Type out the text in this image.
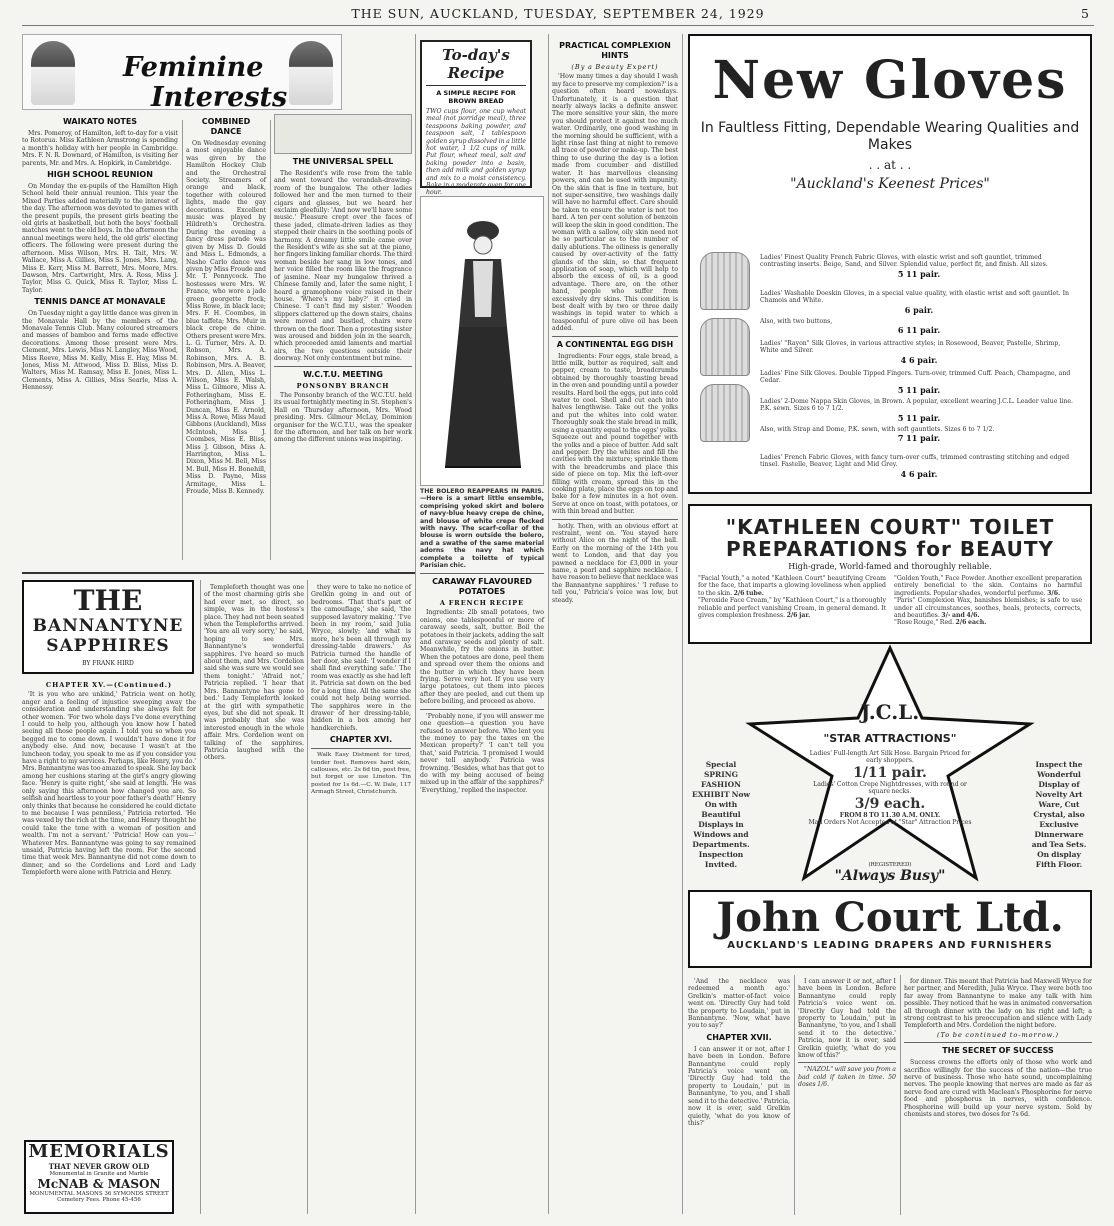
THE SUN, AUCKLAND, TUESDAY, SEPTEMBER 24, 1929	5
Feminine
Interests
WAIKATO NOTES

Mrs. Pomeroy, of Hamilton, left to-day for a visit to Rotorua. Miss Kathleen Armstrong is spending a month's holiday with her people in Cambridge. Mrs. F. N. R. Downard, of Hamilton, is visiting her parents, Mr. and Mrs. A. Hopkirk, in Cambridge.

HIGH SCHOOL REUNION

On Monday the ex-pupils of the Hamilton High School held their annual reunion. This year the Mixed Parties added materially to the interest of the day. The afternoon was devoted to games with the present pupils, the present girls beating the old girls at basketball, but both the boys' football matches went to the old boys. In the afternoon the annual meetings were held, the old girls' electing officers. The following were present during the afternoon. Miss Wilson, Mrs. H. Tait, Mrs. W. Wallace, Miss A. Gillies, Miss S. Jones, Mrs. Lang, Miss E. Kerr, Miss M. Barrett, Mrs. Moore, Mrs. Dawson, Mrs. Cartwright, Mrs. A. Ross, Miss J. Taylor, Miss G. Quick, Miss R. Taylor, Miss L. Taylor.

TENNIS DANCE AT MONAVALE

On Tuesday night a gay little dance was given in the Monavale Hall by the members of the Monavale Tennis Club. Many coloured streamers and masses of bamboo and ferns made effective decorations. Among those present were Mrs. Clement, Mrs. Lewis, Miss N. Langley, Miss Wood, Miss Reeve, Miss M. Kelly, Miss E. Hay, Miss M. Jones, Miss M. Attwood, Miss D. Bliss, Miss D. Walters, Miss M. Ramsay, Miss E. Jones, Miss L. Clements, Miss A. Gillies, Miss Searle, Miss A. Hennessy.

COMBINED DANCE

On Wednesday evening a most enjoyable dance was given by the Hamilton Hockey Club and the Orchestral Society. Streamers of orange and black, together with coloured lights, made the gay decorations. Excellent music was played by Hildreth's Orchestra. During the evening a fancy dress parade was given by Miss D. Gould and Miss L. Edmonds, a Nasho Carlo dance was given by Miss Froude and Mr. T. Pennycock. The hostesses were Mrs. W. France, who wore a jade green georgette frock; Miss Rowe, in black lace; Mrs. F. H. Coombes, in blue taffeta; Mrs. Muir in black crepe de chine. Others present were Mrs. L. G. Turner, Mrs. A. D. Robson, Mrs. A. Robinson, Mrs. A. B. Robinson, Mrs. A. Beaver, Mrs. D. Allen, Miss L. Wilson, Miss E. Walsh, Miss L. Gilmore, Miss A. Fotheringham, Miss E. Fotheringham, Miss J. Duncan, Miss E. Arnold, Miss A. Rowe, Miss Maud Gibbons (Auckland), Miss McIntosh, Miss J. Coombes, Miss E. Bliss, Miss J. Gibson, Miss A. Harrington, Miss L. Dixon, Miss M. Bell, Miss M. Bull, Miss H. Bonehill, Miss D. Payne, Miss Armitage, Miss L. Froude, Miss B. Kennedy.

THE UNIVERSAL SPELL

The Resident's wife rose from the table and went toward the verandah-drawing-room of the bungalow. The other ladies followed her and the men turned to their cigars and glasses, but we heard her exclaim gleefully: 'And now we'll have some music.' Pleasure crept over the faces of these jaded, climate-driven ladies as they stepped their chairs in the soothing pools of harmony. A dreamy little smile came over the Resident's wife as she sat at the piano, her fingers linking familiar chords. The third woman beside her sang in low tones, and her voice filled the room like the fragrance of jasmine. Near my bungalow thrived a Chinese family and, later the same night, I heard a gramophone voice raised in their house. 'Where's my baby?' it cried in Chinese. 'I can't find my sister.' Wooden slippers clattered up the down stairs, chains were moved and bustled, chairs were thrown on the floor. Then a protesting sister was aroused and bidden join in the search, which proceeded amid laments and martial airs, the two questions outside their doorway. Not only contentment but mine.

W.C.T.U. MEETING
PONSONBY BRANCH

The Ponsonby branch of the W.C.T.U. held its usual fortnightly meeting in St. Stephen's Hall on Thursday afternoon, Mrs. Wood presiding. Mrs. Gilmour McLay, Dominion organiser for the W.C.T.U., was the speaker for the afternoon, and her talk on her work among the different unions was inspiring.

To-day's Recipe
A SIMPLE RECIPE FOR BROWN BREAD

TWO cups flour, one cup wheat meal (not porridge meal), three teaspoons baking powder, and teaspoon salt, 1 tablespoon golden syrup dissolved in a little hot water, 1 1/2 cups of milk. Put flour, wheat meal, salt and baking powder into a basin, then add milk and golden syrup and mix to a moist consistency. Bake in a moderate oven for one hour.

THE BOLERO REAPPEARS IN PARIS.—Here is a smart little ensemble, comprising yoked skirt and bolero of navy-blue heavy crepe de chine, and blouse of white crepe flecked with navy. The scarf-collar of the blouse is worn outside the bolero, and a swathe of the same material adorns the navy hat which complete a toilette of typical Parisian chic.
CARAWAY FLAVOURED POTATOES
A FRENCH RECIPE

Ingredients: 2lb small potatoes, two onions, one tablespoonful or more of caraway seeds, salt, butter. Boil the potatoes in their jackets, adding the salt and caraway seeds and plenty of salt. Meanwhile, fry the onions in butter. When the potatoes are done, peel them and spread over them the onions and the butter in which they have been frying. Serve very hot. If you use very large potatoes, cut them into pieces after they are peeled, and cut them up before boiling, and proceed as above.

'Probably none, if you will answer me one question—a question you have refused to answer before. Who lent you the money to pay the taxes on the Mexican property?' 'I can't tell you that,' said Patricia. 'I promised I would never tell anybody.' Patricia was frowning. 'Besides, what has that got to do with my being accused of being mixed up in the affair of the sapphires?' 'Everything,' replied the inspector.

PRACTICAL COMPLEXION HINTS
(By a Beauty Expert)

'How many times a day should I wash my face to preserve my complexion?' is a question often heard nowadays. Unfortunately, it is a question that nearly always lacks a definite answer. The more sensitive your skin, the more you should protect it against too much water. Ordinarily, one good washing in the morning should be sufficient, with a light rinse last thing at night to remove all trace of powder or make-up. The best thing to use during the day is a lotion made from cucumber and distilled water. It has marvellous cleansing powers, and can be used with impunity. On the skin that is fine in texture, but not super-sensitive, two washings daily will have no harmful effect. Care should be taken to ensure the water is not too hard. A ten per cent solution of benzoin will keep the skin in good condition. The woman with a sallow, oily skin need not be so particular as to the number of daily ablutions. The oiliness is generally caused by over-activity of the fatty glands of the skin, so that frequent application of soap, which will help to absorb the excess of oil, is a good advantage. There are, on the other hand, people who suffer from excessively dry skins. This condition is best dealt with by two or three daily washings in tepid water to which a teaspoonful of pure olive oil has been added.

A CONTINENTAL EGG DISH

Ingredients: Four eggs, stale bread, a little milk, butter as required, salt and pepper, cream to taste, breadcrumbs obtained by thoroughly toasting bread in the oven and pounding until a powder results. Hard boil the eggs, put into cold water to cool. Shell and cut each into halves lengthwise. Take out the yolks and put the whites into cold water. Thoroughly soak the stale bread in milk, using a quantity equal to the eggs' yolks. Squeeze out and pound together with the yolks and a piece of butter. Add salt and pepper. Dry the whites and fill the cavities with the mixture; sprinkle them with the breadcrumbs and place this side of piece on top. Mix the left-over filling with cream, spread this in the cooking plate, place the eggs on top and bake for a few minutes in a hot oven. Serve at once on toast, with potatoes, or with thin bread and butter.

hotly. Then, with an obvious effort at restraint, went on. 'You stayed here without Alice on the night of the ball. Early on the morning of the 14th you went to London, and that day you pawned a necklace for £3,000 in your name, a pearl and sapphire necklace. I have reason to believe that necklace was the Bannantyne sapphires.' 'I refuse to tell you,' Patricia's voice was low, but steady.

THE
BANNANTYNE
SAPPHIRES
BY FRANK HIRD
CHAPTER XV.—(Continued.)

'It is you who are unkind,' Patricia went on hotly, anger and a feeling of injustice sweeping away the consideration and understanding she always felt for other women. 'For two whole days I've done everything I could to help you, although you know how I hated seeing all those people again. I told you so when you begged me to come down. I wouldn't have done it for anybody else. And now, because I wasn't at the luncheon today, you speak to me as if you consider you have a right to my services. Perhaps, like Henry, you do.' Mrs. Bannantyne was too amazed to speak. She lay back among her cushions staring at the girl's angry glowing face. 'Henry is quite right,' she said at length. 'He was only saying this afternoon how changed you are. So selfish and heartless to your poor father's death!' Henry only thinks that because he considered he could dictate to me because I was penniless,' Patricia retorted. 'He was vexed by the rich at the time, and Henry thought he could take the tone with a woman of position and wealth. I'm not a servant.' 'Patricia! How can you—' Whatever Mrs. Bannantyne was going to say remained unsaid, Patricia having left the room. For the second time that week Mrs. Bannantyne did not come down to dinner, and so the Cordelions and Lord and Lady Templeforth were alone with Patricia and Henry.

MEMORIALS
THAT NEVER GROW OLD
Monumental in Granite and Marble
McNAB & MASON
MONUMENTAL MASONS 36 SYMONDS STREET
Cemetery Fees. Phone 45-456

Templeforth thought was one of the most charming girls she had ever met, so direct, so simple, was in the hostess's place. They had not been seated when the Templeforths arrived. 'You are all very sorry,' he said, hoping to see Mrs. Bannantyne's wonderful sapphires. I've heard so much about them, and Mrs. Cordelion said she was sure we would see them tonight.' 'Afraid not,' Patricia replied. 'I hear that Mrs. Bannantyne has gone to bed.' Lady Templeforth looked at the girl with sympathetic eyes, but she did not speak. It was probably that she was interested enough in the whole affair. Mrs. Cordelion went on talking of the sapphires. Patricia laughed with the others.

they were to take no notice of Grelkin going in and out of bedrooms. 'That that's part of the camouflage,' she said, 'the supposed lavatory making.' 'I've been in my room,' said Julia Wryce, slowly; 'and what is more, he's been all through my dressing-table drawers.' As Patricia turned the handle of her door, she said: 'I wonder if I shall find everything safe.' The room was exactly as she had left it. Patricia sat down on the bed for a long time. All the same she could not help being worried. The sapphires were in the drawer of her dressing-table, hidden in a box among her handkerchiefs.

CHAPTER XVI.

Walk Easy Distment for tired, tender feet. Removes hard skin, callouses, etc. 2s 6d tin, post free, but forget or use Lineton. Tin posted for 1s 6d.—C. W. Dale, 117 Armagh Street, Christchurch.

New Gloves
In Faultless Fitting, Dependable Wearing Qualities and Makes
. . at . .
"Auckland's Keenest Prices"
Ladies' Finest Quality French Fabric Gloves, with elastic wrist and soft gauntlet, trimmed contrasting inserts. Beige, Sand, and Silver. Splendid value, perfect fit, and finish. All sizes.
5 11 pair.
Ladies' Washable Doeskin Gloves, in a special value quality, with elastic wrist and soft gauntlet. In Chamois and White.
6 pair.
Also, with two buttons,
6 11 pair.
Ladies' "Rayon" Silk Gloves, in various attractive styles; in Rosewood, Beaver, Pastelle, Shrimp, White and Silver.
4 6 pair.
Ladies' Fine Silk Gloves. Double Tipped Fingers. Turn-over, trimmed Cuff. Peach, Champagne, and Cedar.
5 11 pair.
Ladies' 2-Dome Nappa Skin Gloves, in Brown. A popular, excellent wearing J.C.L. Leader value line. P.K. sewn. Sizes 6 to 7 1/2.
5 11 pair.
Also, with Strap and Dome, P.K. sewn, with soft gauntlets. Sizes 6 to 7 1/2.
7 11 pair.
Ladies' French Fabric Gloves, with fancy turn-over cuffs, trimmed contrasting stitching and edged tinsel. Fastelle, Beaver, Light and Mid Grey.
4 6 pair.
"KATHLEEN COURT" TOILET
PREPARATIONS for BEAUTY
High-grade, World-famed and thoroughly reliable.
"Facial Youth," a noted "Kathleen Court" beautifying Cream for the face, that imparts a glowing loveliness when applied to the skin. 2/6 tube.
"Peroxide Face Cream," by "Kathleen Court," is a thoroughly reliable and perfect vanishing Cream, in general demand. It gives complexion freshness. 2/6 jar.
"Golden Youth," Face Powder. Another excellent preparation entirely beneficial to the skin. Contains no harmful ingredients. Popular shades, wonderful perfume. 3/6.
"Paris" Complexion Wax, banishes blemishes; is safe to use under all circumstances, soothes, heals, protects, corrects, and beautifies. 3/- and 4/6.
"Rose Rouge," Red. 2/6 each.
Special SPRING FASHION EXHIBIT Now On with Beautiful Displays in Windows and Departments. Inspection Invited.
Inspect the Wonderful Display of Novelty Art Ware, Cut Crystal, also Exclusive Dinnerware and Tea Sets. On display Fifth Floor.
J.C.L.
"STAR ATTRACTIONS"
Ladies' Full-length Art Silk Hose. Bargain Priced for early shoppers.
1/11 pair.
Ladies' Cotton Crepe Nightdresses, with round or square necks.
3/9 each.
FROM 8 TO 11.30 A.M. ONLY.
Mail Orders Not Accepted at "Star" Attraction Prices
(REGISTERED)
"Always Busy"
John Court Ltd.
AUCKLAND'S LEADING DRAPERS AND FURNISHERS

'And the necklace was redeemed a month ago.' Grelkin's matter-of-fact voice went on. 'Directly Guy had told the property to Loudain,' put in Bannantyne. 'Now, what have you to say?'

CHAPTER XVII.

I can answer it or not, after I have been in London. Before Bannantyne could reply Patricia's voice went on. 'Directly Guy had told the property to Loudain,' put in Bannantyne, 'to you, and I shall send it to the detective.' Patricia, now it is over, said Grelkin quietly, 'what do you know of this?'

I can answer it or not, after I have been in London. Before Bannantyne could reply Patricia's voice went on. 'Directly Guy had told the property to Loudain,' put in Bannantyne, 'to you, and I shall send it to the detective.' Patricia, now it is over, said Grelkin quietly, 'what do you know of this?'

"NAZOL" will save you from a bad cold if taken in time. 50 doses 1/6.

for dinner. This meant that Patricia had Maxwell Wryce for her partner, and Meredith, Julia Wryce. They were both too far away from Bannantyne to make any talk with him possible. They noticed that he was in animated conversation all through dinner with the lady on his right and left; a strong contrast to his preoccupation and silence with Lady Templeforth and Mrs. Cordelion the night before.

(To be continued to-morrow.)
THE SECRET OF SUCCESS

Success crowns the efforts only of those who work and sacrifice willingly for the success of the nation—the true nerve of business. Those who hate sound, uncomplaining nerves. The people knowing that nerves are made as far as nerve food are cured with Maclean's Phosphorine for nerve food and phosphorus in nerves, with confidence. Phosphorine will build up your nerve system. Sold by chemists and stores, two doses for 7s 6d.
